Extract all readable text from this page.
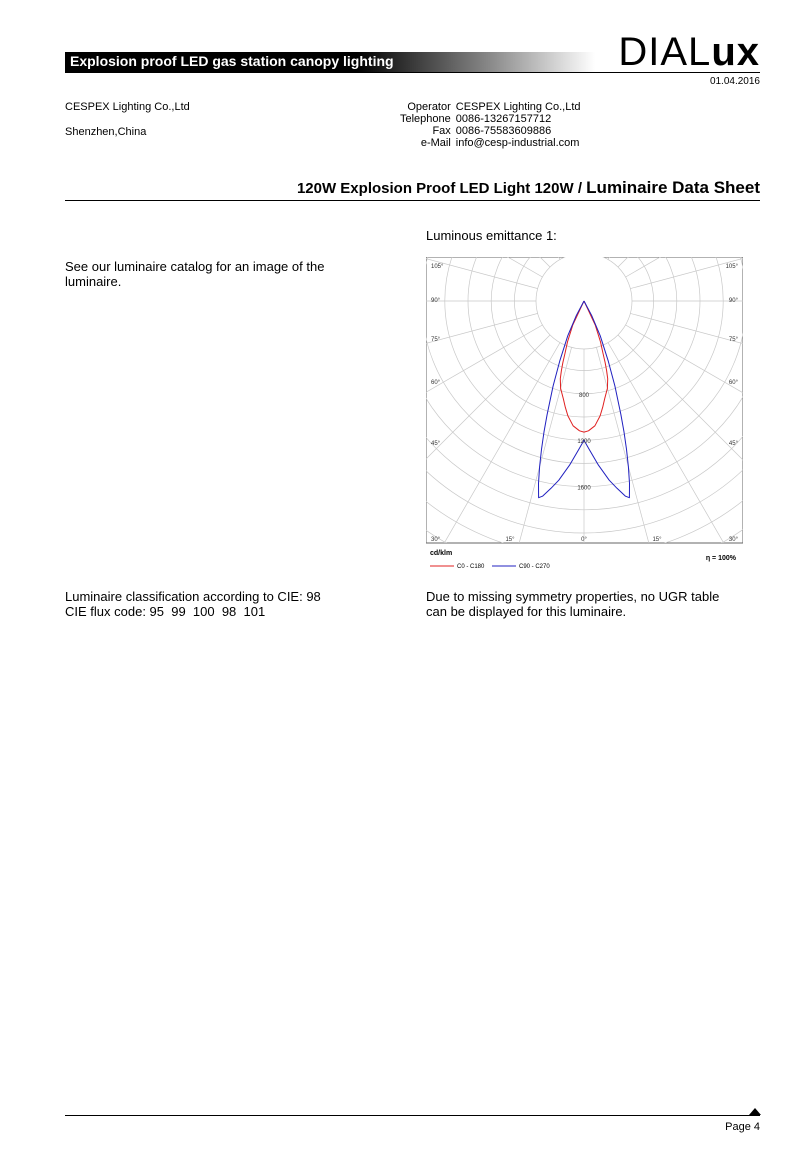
Explosion proof LED gas station canopy lighting	DIALux
01.04.2016
CESPEX Lighting Co.,Ltd
Shenzhen,China
Operator	CESPEX Lighting Co.,Ltd
Telephone	0086-13267157712
Fax	0086-75583609886
e-Mail	info@cesp-industrial.com
120W Explosion Proof LED Light 120W / Luminaire Data Sheet
Luminous emittance 1:
See our luminaire catalog for an image of the
luminaire.
800
1200
1600
105°
90°
75°
60°
45°
30°	15°
105°
90°
75°
60°
45°
30°
15°
0°
cd/klm
η = 100%
C0 - C180	C90 - C270
Luminaire classification according to CIE: 98
CIE flux code: 95  99  100  98  101
Due to missing symmetry properties, no UGR table
can be displayed for this luminaire.
Page 4
